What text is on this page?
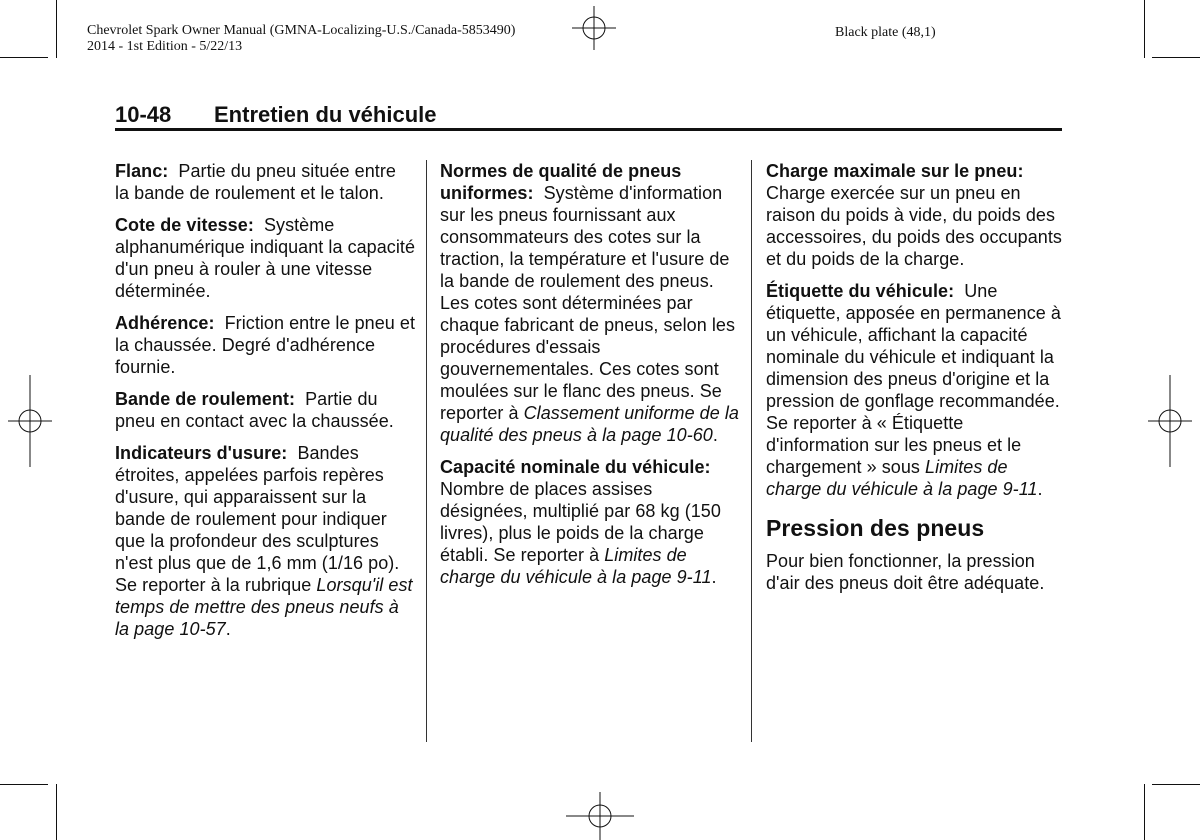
Chevrolet Spark Owner Manual (GMNA-Localizing-U.S./Canada-5853490)
2014 - 1st Edition - 5/22/13
Black plate (48,1)
10-48 Entretien du véhicule

Flanc: Partie du pneu située entre la bande de roulement et le talon.

Cote de vitesse: Système alphanumérique indiquant la capacité d'un pneu à rouler à une vitesse déterminée.

Adhérence: Friction entre le pneu et la chaussée. Degré d'adhérence fournie.

Bande de roulement: Partie du pneu en contact avec la chaussée.

Indicateurs d'usure: Bandes étroites, appelées parfois repères d'usure, qui apparaissent sur la bande de roulement pour indiquer que la profondeur des sculptures n'est plus que de 1,6 mm (1/16 po). Se reporter à la rubrique Lorsqu'il est temps de mettre des pneus neufs à la page 10-57.

Normes de qualité de pneus uniformes: Système d'information sur les pneus fournissant aux consommateurs des cotes sur la traction, la température et l'usure de la bande de roulement des pneus. Les cotes sont déterminées par chaque fabricant de pneus, selon les procédures d'essais gouvernementales. Ces cotes sont moulées sur le flanc des pneus. Se reporter à Classement uniforme de la qualité des pneus à la page 10-60.

Capacité nominale du véhicule:  Nombre de places assises désignées, multiplié par 68 kg (150 livres), plus le poids de la charge établi. Se reporter à Limites de charge du véhicule à la page 9-11.

Charge maximale sur le pneu:  Charge exercée sur un pneu en raison du poids à vide, du poids des accessoires, du poids des occupants et du poids de la charge.

Étiquette du véhicule: Une étiquette, apposée en permanence à un véhicule, affichant la capacité nominale du véhicule et indiquant la dimension des pneus d'origine et la pression de gonflage recommandée. Se reporter à « Étiquette d'information sur les pneus et le chargement » sous Limites de charge du véhicule à la page 9-11.

Pression des pneus

Pour bien fonctionner, la pression d'air des pneus doit être adéquate.
